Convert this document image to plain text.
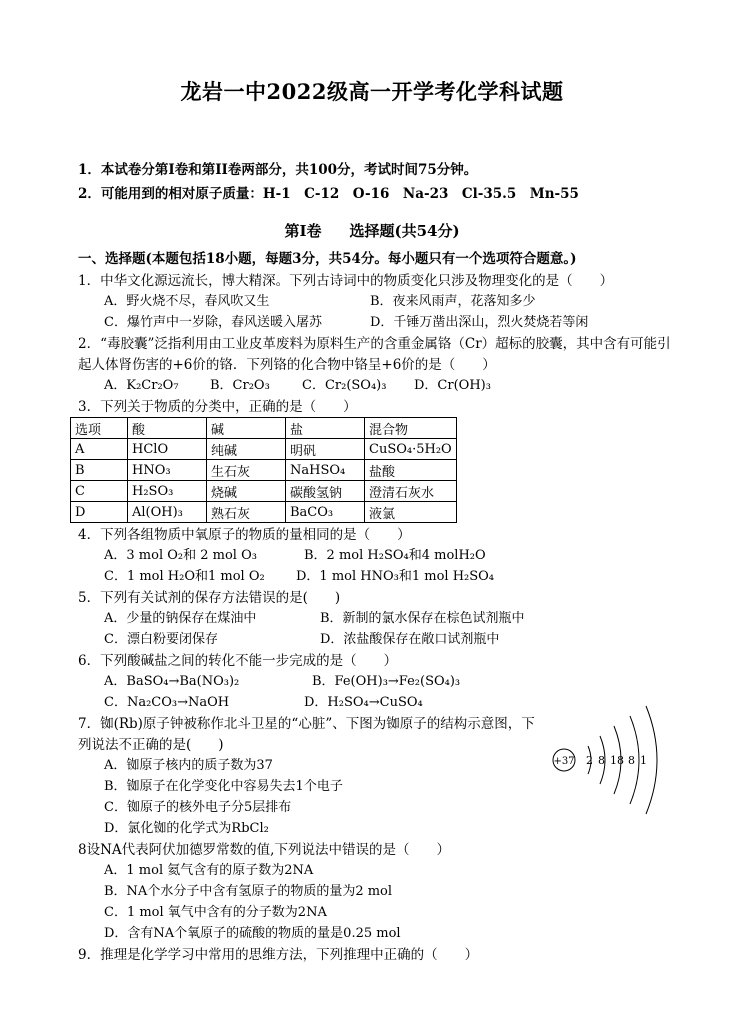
龙岩一中2022级高一开学考化学科试题
1．本试卷分第I卷和第II卷两部分，共100分，考试时间75分钟。
2．可能用到的相对原子质量：H-1　C-12　O-16　Na-23　Cl-35.5　Mn-55
第I卷 选择题(共54分)
一、选择题(本题包括18小题，每题3分，共54分。每小题只有一个选项符合题意。)
1．中华文化源远流长，博大精深。下列古诗词中的物质变化只涉及物理变化的是（　　）
A．野火烧不尽，春风吹又生	B．夜来风雨声，花落知多少
C．爆竹声中一岁除，春风送暖入屠苏	D．千锤万凿出深山，烈火焚烧若等闲
2．“毒胶囊”泛指利用由工业皮革废料为原料生产的含重金属铬（Cr）超标的胶囊，其中含有可能引
起人体肾伤害的+6价的铬．下列铬的化合物中铬呈+6价的是（　　）
A．K₂Cr₂O₇ B．Cr₂O₃ C．Cr₂(SO₄)₃ D．Cr(OH)₃
3．下列关于物质的分类中，正确的是（　　）
选项	酸	碱	盐	混合物
A	HClO	纯碱	明矾	CuSO₄·5H₂O
B	HNO₃	生石灰	NaHSO₄	盐酸
C	H₂SO₃	烧碱	碳酸氢钠	澄清石灰水
D	Al(OH)₃	熟石灰	BaCO₃	液氯
4．下列各组物质中氧原子的物质的量相同的是（　　）
A．3 mol O₂和 2 mol O₃	B．2 mol H₂SO₄和4 molH₂O
C．1 mol H₂O和1 mol O₂ D．1 mol HNO₃和1 mol H₂SO₄
5．下列有关试剂的保存方法错误的是(　　)
A．少量的钠保存在煤油中	B．新制的氯水保存在棕色试剂瓶中
C．漂白粉要闭保存	D．浓盐酸保存在敞口试剂瓶中
6．下列酸碱盐之间的转化不能一步完成的是（　　）
A．BaSO₄→Ba(NO₃)₂	B．Fe(OH)₃→Fe₂(SO₄)₃
C．Na₂CO₃→NaOH	D．H₂SO₄→CuSO₄
7．铷(Rb)原子钟被称作北斗卫星的“心脏”、下图为铷原子的结构示意图，下
列说法不正确的是(　　)
A．铷原子核内的质子数为37
B．铷原子在化学变化中容易失去1个电子
C．铷原子的核外电子分5层排布
D．氯化铷的化学式为RbCl₂
+37 2 8 18 8 1
8设NA代表阿伏加德罗常数的值,下列说法中错误的是（　　）
A．1 mol 氦气含有的原子数为2NA
B．NA个水分子中含有氢原子的物质的量为2 mol
C．1 mol 氧气中含有的分子数为2NA
D．含有NA个氧原子的硫酸的物质的量是0.25 mol
9．推理是化学学习中常用的思维方法，下列推理中正确的（　　）
